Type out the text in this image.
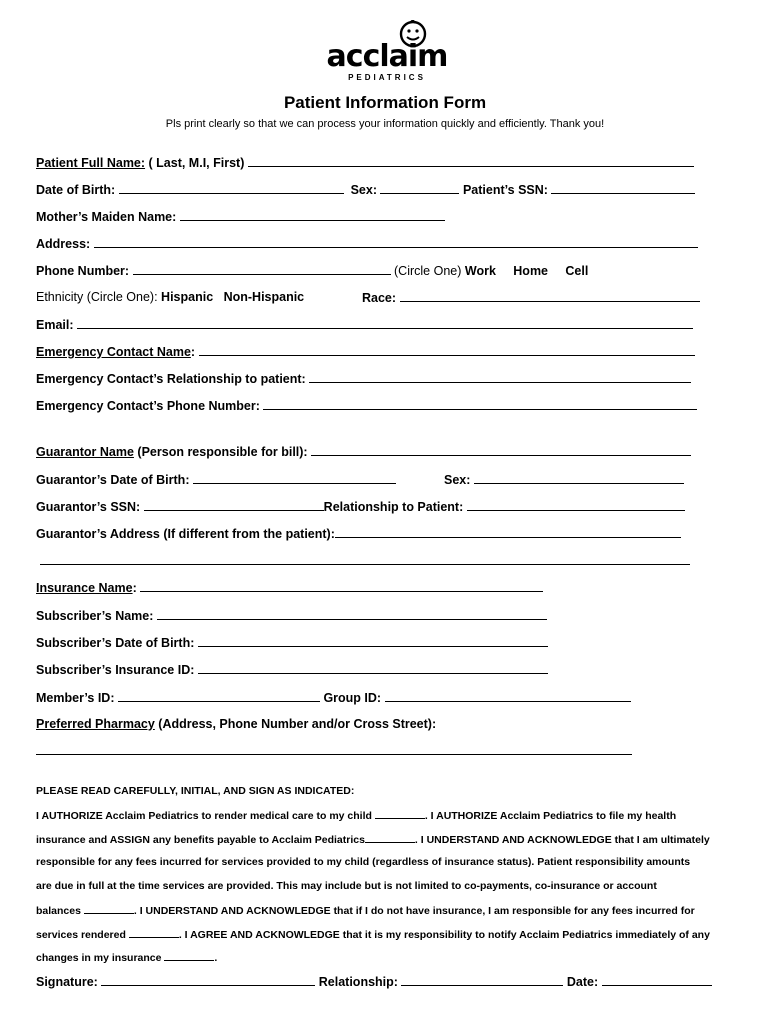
acclaim
PEDIATRICS
Patient Information Form
Pls print clearly so that we can process your information quickly and efficiently. Thank you!
Patient Full Name: ( Last, M.I, First)
Date of Birth:	Sex:	Patient’s SSN:
Mother’s Maiden Name:
Address:
Phone Number:	(Circle One) Work Home Cell
Ethnicity (Circle One): Hispanic Non-Hispanic	Race:
Email:
Emergency Contact Name:
Emergency Contact’s Relationship to patient:
Emergency Contact’s Phone Number:
Guarantor Name (Person responsible for bill):
Guarantor’s Date of Birth:	Sex:
Guarantor’s SSN:	Relationship to Patient:
Guarantor’s Address (If different from the patient):
Insurance Name:
Subscriber’s Name:
Subscriber’s Date of Birth:
Subscriber’s Insurance ID:
Member’s ID:	Group ID:
Preferred Pharmacy (Address, Phone Number and/or Cross Street):
PLEASE READ CAREFULLY, INITIAL, AND SIGN AS INDICATED:
I AUTHORIZE Acclaim Pediatrics to render medical care to my child	. I AUTHORIZE Acclaim Pediatrics to file my health
insurance and ASSIGN any benefits payable to Acclaim Pediatrics	. I UNDERSTAND AND ACKNOWLEDGE that I am ultimately
responsible for any fees incurred for services provided to my child (regardless of insurance status). Patient responsibility amounts
are due in full at the time services are provided. This may include but is not limited to co-payments, co-insurance or account
balances	. I UNDERSTAND AND ACKNOWLEDGE that if I do not have insurance, I am responsible for any fees incurred for
services rendered	. I AGREE AND ACKNOWLEDGE that it is my responsibility to notify Acclaim Pediatrics immediately of any
changes in my insurance	.
Signature:	Relationship:	Date:
